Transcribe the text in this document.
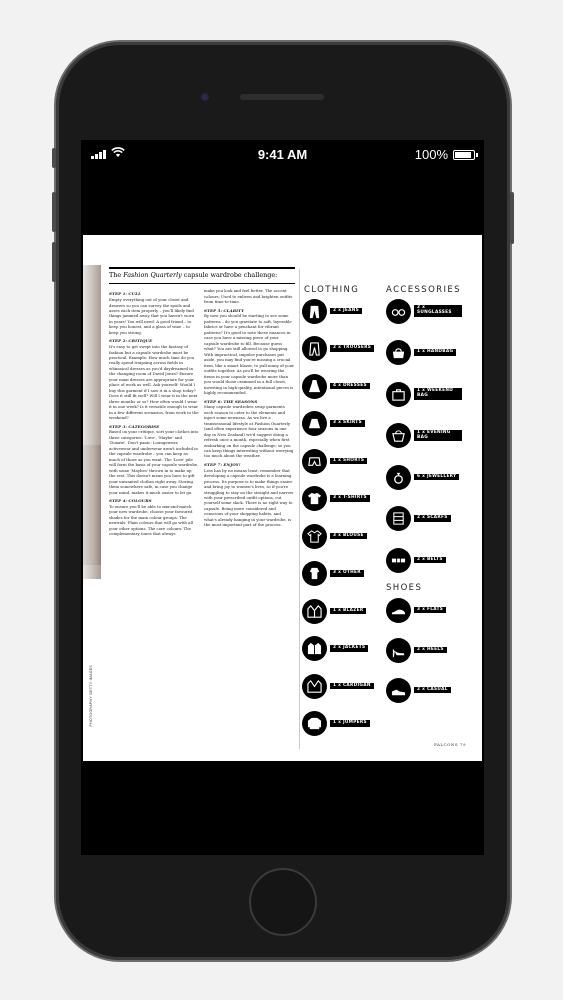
9:41 AM	100%
PHOTOGRAPHY GETTY IMAGES
The Fashion Quarterly capsule wardrobe challenge:
STEP 1: CULL

Empty everything out of your closet and drawers so you can survey the spoils and asses each item properly – you'll likely find things jammed away that you haven't worn in years! You will need: A good friend – to keep you honest, and a glass of wine – to keep you strong.

STEP 2: CRITIQUE

It's easy to get swept into the fantasy of fashion but a capsule wardrobe must be practical. Example: How much time do you really spend traipsing across fields in whimsical dresses as you'd daydreamed in the changing room of David Jones? Ensure your maxi dresses are appropriate for your place of work as well. Ask yourself: Would I buy this garment if I saw it in a shop today? Does it still fit well? Will I wear it in the next three months or so? How often would I wear it in one week? Is it versatile enough to wear in a few different scenarios, from work to the weekend?

STEP 3: CATEGORISE

Based on your critique, sort your clothes into three categories: 'Love', 'Maybe' and 'Donate'. Don't panic: Loungewear, activewear and underwear aren't included in the capsule wardrobe – you can keep as much of those as you want. The 'Love' pile will form the basis of your capsule wardrobe, with some 'Maybes' thrown in to make up the rest. This doesn't mean you have to gift your unwanted clothes right away. Storing them somewhere safe, in case you change your mind, makes it much easier to let go.

STEP 4: COLOURS

To ensure you'll be able to mix-and-match your new wardrobe, choose your favoured shades for the main colour groups: The neutrals: Plain colours that will go with all your other options. The core colours: The complementary tones that always

make you look and feel better. The accent colours: Used to enliven and brighten outfits from time-to-time.

STEP 5: CLARITY

By now you should be starting to see some patterns – do you gravitate to soft, layerable fabrics or have a penchant for vibrant patterns? It's good to note these nuances in case you have a missing piece of your capsule wardrobe to fill. Because guess what? You are still allowed to go shopping. With impractical, impulse purchases put aside, you may find you're missing a crucial item, like a smart blazer, to pull many of your outfits together. As you'll be wearing the items in your capsule wardrobe more than you would those crammed in a full closet, investing in high-quality, intentional pieces is highly recommended.

STEP 6: THE SEASONS

Many capsule wardrobes swap garments each season to cater to the elements and inject some newness. As we live a transseasonal lifestyle at Fashion Quarterly (and often experience four seasons in one day in New Zealand) we'd suggest doing a refresh once a month, especially when first embarking on the capsule challenge, so you can keep things interesting without worrying too much about the weather.

STEP 7: ENJOY!

Less has by no means least, remember that developing a capsule wardrobe is a learning process. Its purpose is to make things easier and bring joy to women's lives, so if you're struggling to stay on the straight and narrow with your prescribed outfit options, cut yourself some slack. There is no right way to capsule. Being more considered and conscious of your shopping habits, and what's already hanging in your wardrobe, is the most important part of the process.

CLOTHING	ACCESSORIES
SHOES
2 x JEANS
2 x TROUSERS
4 x DRESSES
3 x SKIRTS
1 x SHORTS
3 x T-SHIRTS
3 x BLOUSE
3 x OTHER
1 x BLAZER
2 x JACKETS
1 x CARDIGAN
1 x JUMPERS
2 x SUNGLASSES
1 x HANDBAG
1 x WEEKEND BAG
1 x EVENING BAG
6 x JEWELLERY
2 x SCARFS
2 x BELTS
3 x FLATS
2 x HEELS
2 x CASUAL
FALCONS 79
